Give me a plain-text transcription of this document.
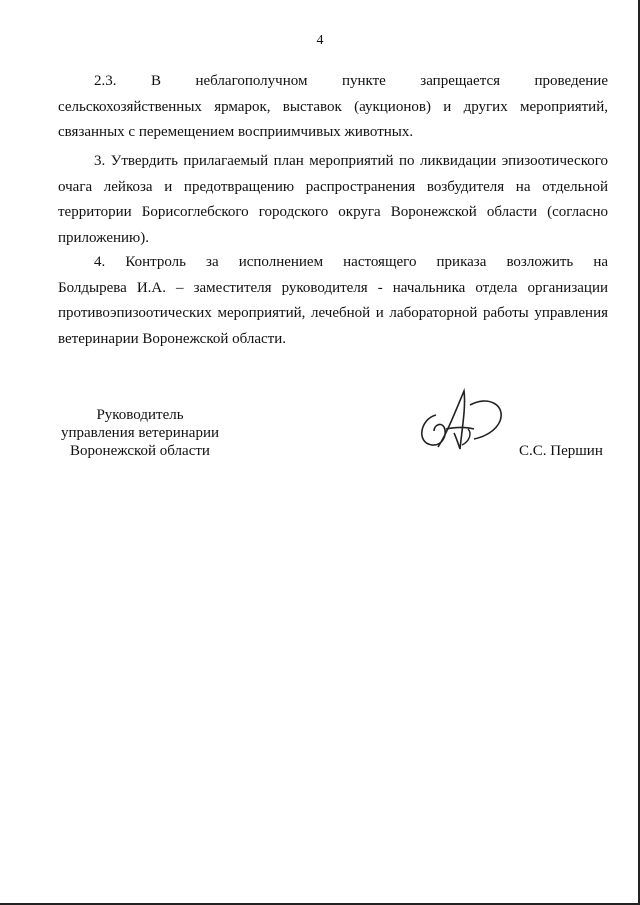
4
2.3. В неблагополучном пункте запрещается проведение
сельскохозяйственных ярмарок, выставок (аукционов) и других мероприятий, связанных с перемещением восприимчивых животных.

3. Утвердить прилагаемый план мероприятий по ликвидации эпизоотического очага лейкоза и предотвращению распространения возбудителя на отдельной территории Борисоглебского городского округа Воронежской области (согласно приложению).

4. Контроль за исполнением настоящего приказа возложить на
Болдырева И.А. – заместителя руководителя - начальника отдела организации противоэпизоотических мероприятий, лечебной и лабораторной работы управления ветеринарии Воронежской области.
Руководитель
управления ветеринарии
Воронежской области	С.С. Першин
